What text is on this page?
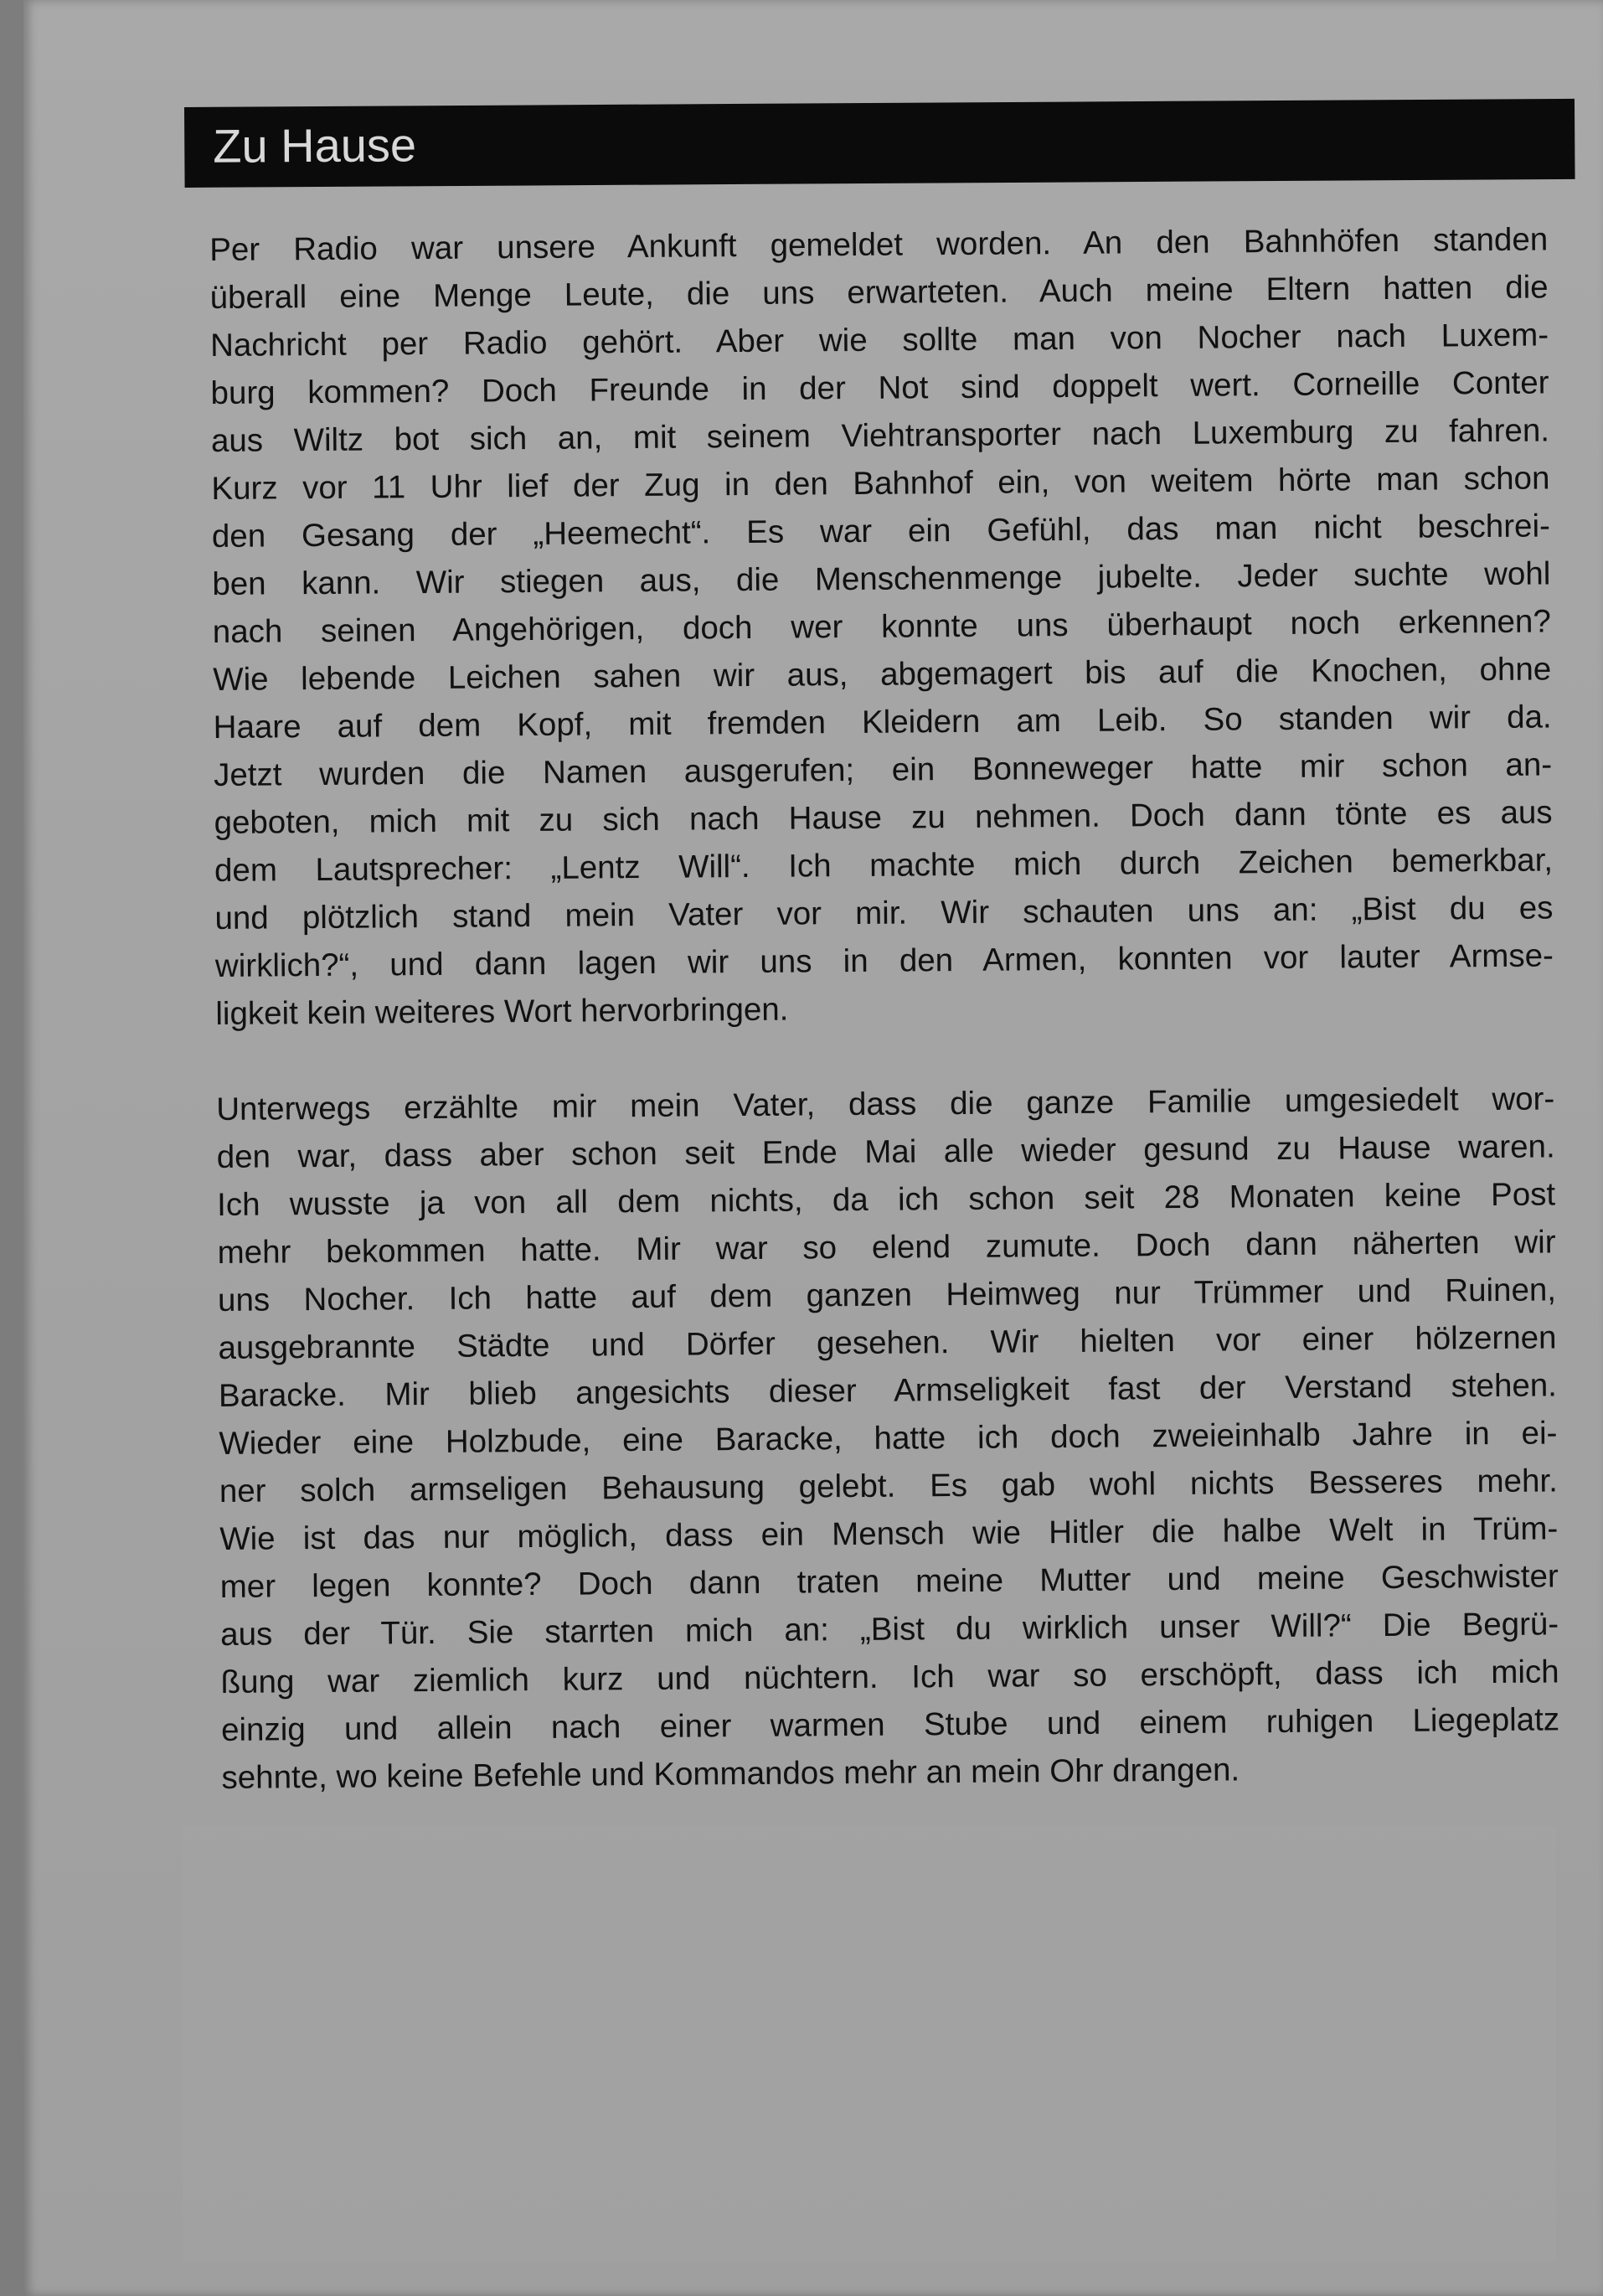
Zu Hause
Per Radio war unsere Ankunft gemeldet worden. An den Bahnhöfen standen
überall eine Menge Leute, die uns erwarteten. Auch meine Eltern hatten die
Nachricht per Radio gehört. Aber wie sollte man von Nocher nach Luxem-
burg kommen? Doch Freunde in der Not sind doppelt wert. Corneille Conter
aus Wiltz bot sich an, mit seinem Viehtransporter nach Luxemburg zu fahren.
Kurz vor 11 Uhr lief der Zug in den Bahnhof ein, von weitem hörte man schon
den Gesang der „Heemecht“. Es war ein Gefühl, das man nicht beschrei-
ben kann. Wir stiegen aus, die Menschenmenge jubelte. Jeder suchte wohl
nach seinen Angehörigen, doch wer konnte uns überhaupt noch erkennen?
Wie lebende Leichen sahen wir aus, abgemagert bis auf die Knochen, ohne
Haare auf dem Kopf, mit fremden Kleidern am Leib. So standen wir da.
Jetzt wurden die Namen ausgerufen; ein Bonneweger hatte mir schon an-
geboten, mich mit zu sich nach Hause zu nehmen. Doch dann tönte es aus
dem Lautsprecher: „Lentz Will“. Ich machte mich durch Zeichen bemerkbar,
und plötzlich stand mein Vater vor mir. Wir schauten uns an: „Bist du es
wirklich?“, und dann lagen wir uns in den Armen, konnten vor lauter Armse-
ligkeit kein weiteres Wort hervorbringen.
Unterwegs erzählte mir mein Vater, dass die ganze Familie umgesiedelt wor-
den war, dass aber schon seit Ende Mai alle wieder gesund zu Hause waren.
Ich wusste ja von all dem nichts, da ich schon seit 28 Monaten keine Post
mehr bekommen hatte. Mir war so elend zumute. Doch dann näherten wir
uns Nocher. Ich hatte auf dem ganzen Heimweg nur Trümmer und Ruinen,
ausgebrannte Städte und Dörfer gesehen. Wir hielten vor einer hölzernen
Baracke. Mir blieb angesichts dieser Armseligkeit fast der Verstand stehen.
Wieder eine Holzbude, eine Baracke, hatte ich doch zweieinhalb Jahre in ei-
ner solch armseligen Behausung gelebt. Es gab wohl nichts Besseres mehr.
Wie ist das nur möglich, dass ein Mensch wie Hitler die halbe Welt in Trüm-
mer legen konnte? Doch dann traten meine Mutter und meine Geschwister
aus der Tür. Sie starrten mich an: „Bist du wirklich unser Will?“ Die Begrü-
ßung war ziemlich kurz und nüchtern. Ich war so erschöpft, dass ich mich
einzig und allein nach einer warmen Stube und einem ruhigen Liegeplatz
sehnte, wo keine Befehle und Kommandos mehr an mein Ohr drangen.
